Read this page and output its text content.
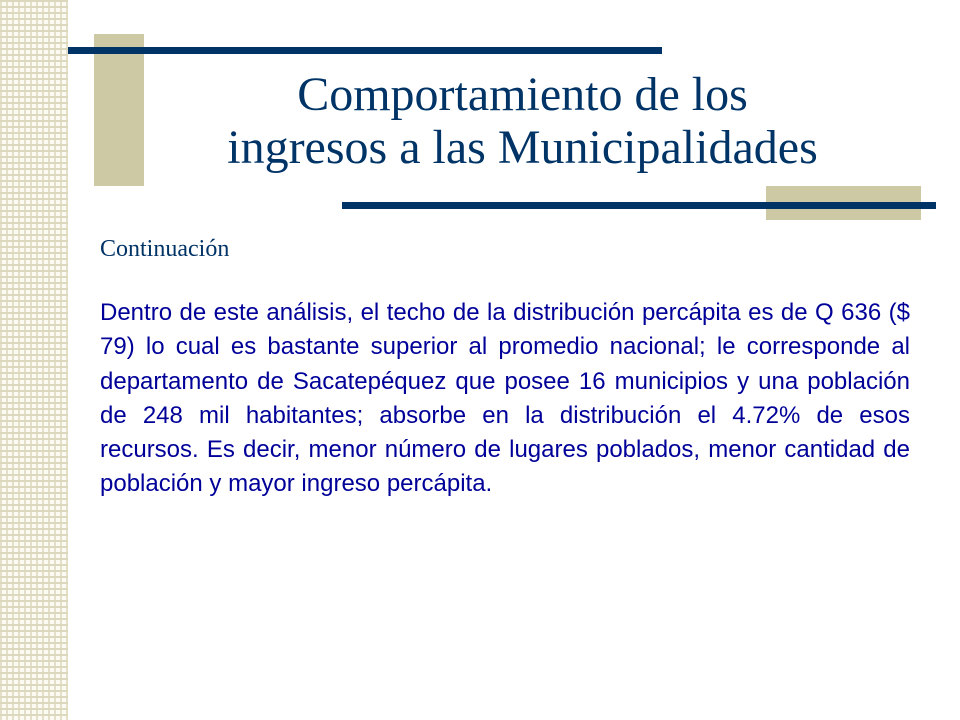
Comportamiento de los
ingresos a las Municipalidades
Continuación

Dentro de este análisis, el techo de la distribución percápita es de Q 636 ($ 79) lo cual es bastante superior al promedio nacional; le corresponde al departamento de Sacatepéquez que posee 16 municipios y una población de 248 mil habitantes; absorbe en la distribución el 4.72% de esos recursos. Es decir, menor número de lugares poblados, menor cantidad de población y mayor ingreso percápita.
